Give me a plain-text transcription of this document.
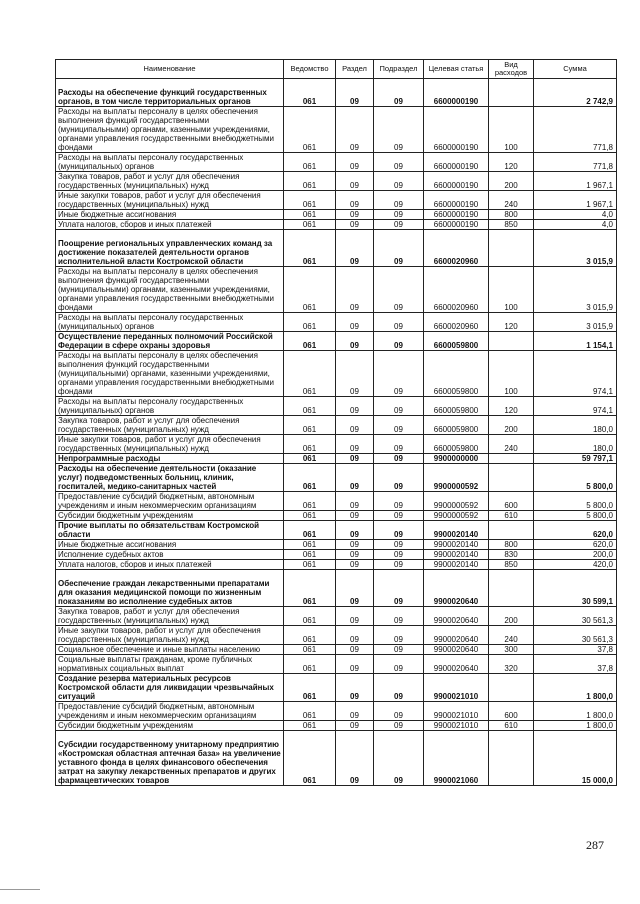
Наименование	Ведомство	Раздел	Подраздел	Целевая статья	Вид расходов	Сумма
Расходы на обеспечение функций государственных органов, в том числе территориальных органов	061	09	09	6600000190		2 742,9
Расходы на выплаты персоналу в целях обеспечения выполнения функций государственными (муниципальными) органами, казенными учреждениями, органами управления государственными внебюджетными фондами	061	09	09	6600000190	100	771,8
Расходы на выплаты персоналу государственных (муниципальных) органов	061	09	09	6600000190	120	771,8
Закупка товаров, работ и услуг для обеспечения государственных (муниципальных) нужд	061	09	09	6600000190	200	1 967,1
Иные закупки товаров, работ и услуг для обеспечения государственных (муниципальных) нужд	061	09	09	6600000190	240	1 967,1
Иные бюджетные ассигнования	061	09	09	6600000190	800	4,0
Уплата налогов, сборов и иных платежей	061	09	09	6600000190	850	4,0
Поощрение региональных управленческих команд за достижение показателей деятельности органов исполнительной власти Костромской области	061	09	09	6600020960		3 015,9
Расходы на выплаты персоналу в целях обеспечения выполнения функций государственными (муниципальными) органами, казенными учреждениями, органами управления государственными внебюджетными фондами	061	09	09	6600020960	100	3 015,9
Расходы на выплаты персоналу государственных (муниципальных) органов	061	09	09	6600020960	120	3 015,9
Осуществление переданных полномочий Российской Федерации в сфере охраны здоровья	061	09	09	6600059800		1 154,1
Расходы на выплаты персоналу в целях обеспечения выполнения функций государственными (муниципальными) органами, казенными учреждениями, органами управления государственными внебюджетными фондами	061	09	09	6600059800	100	974,1
Расходы на выплаты персоналу государственных (муниципальных) органов	061	09	09	6600059800	120	974,1
Закупка товаров, работ и услуг для обеспечения государственных (муниципальных) нужд	061	09	09	6600059800	200	180,0
Иные закупки товаров, работ и услуг для обеспечения государственных (муниципальных) нужд	061	09	09	6600059800	240	180,0
Непрограммные расходы	061	09	09	9900000000		59 797,1
Расходы на обеспечение деятельности (оказание услуг) подведомственных больниц, клиник, госпиталей, медико-санитарных частей	061	09	09	9900000592		5 800,0
Предоставление субсидий бюджетным, автономным учреждениям и иным некоммерческим организациям	061	09	09	9900000592	600	5 800,0
Субсидии бюджетным учреждениям	061	09	09	9900000592	610	5 800,0
Прочие выплаты по обязательствам Костромской области	061	09	09	9900020140		620,0
Иные бюджетные ассигнования	061	09	09	9900020140	800	620,0
Исполнение судебных актов	061	09	09	9900020140	830	200,0
Уплата налогов, сборов и иных платежей	061	09	09	9900020140	850	420,0
Обеспечение граждан лекарственными препаратами для оказания медицинской помощи по жизненным показаниям во исполнение судебных актов	061	09	09	9900020640		30 599,1
Закупка товаров, работ и услуг для обеспечения государственных (муниципальных) нужд	061	09	09	9900020640	200	30 561,3
Иные закупки товаров, работ и услуг для обеспечения государственных (муниципальных) нужд	061	09	09	9900020640	240	30 561,3
Социальное обеспечение и иные выплаты населению	061	09	09	9900020640	300	37,8
Социальные выплаты гражданам, кроме публичных нормативных социальных выплат	061	09	09	9900020640	320	37,8
Создание резерва материальных ресурсов Костромской области для ликвидации чрезвычайных ситуаций	061	09	09	9900021010		1 800,0
Предоставление субсидий бюджетным, автономным учреждениям и иным некоммерческим организациям	061	09	09	9900021010	600	1 800,0
Субсидии бюджетным учреждениям	061	09	09	9900021010	610	1 800,0
Субсидии государственному унитарному предприятию «Костромская областная аптечная база» на увеличение уставного фонда в целях финансового обеспечения затрат на закупку лекарственных препаратов и других фармацевтических товаров	061	09	09	9900021060		15 000,0
287
